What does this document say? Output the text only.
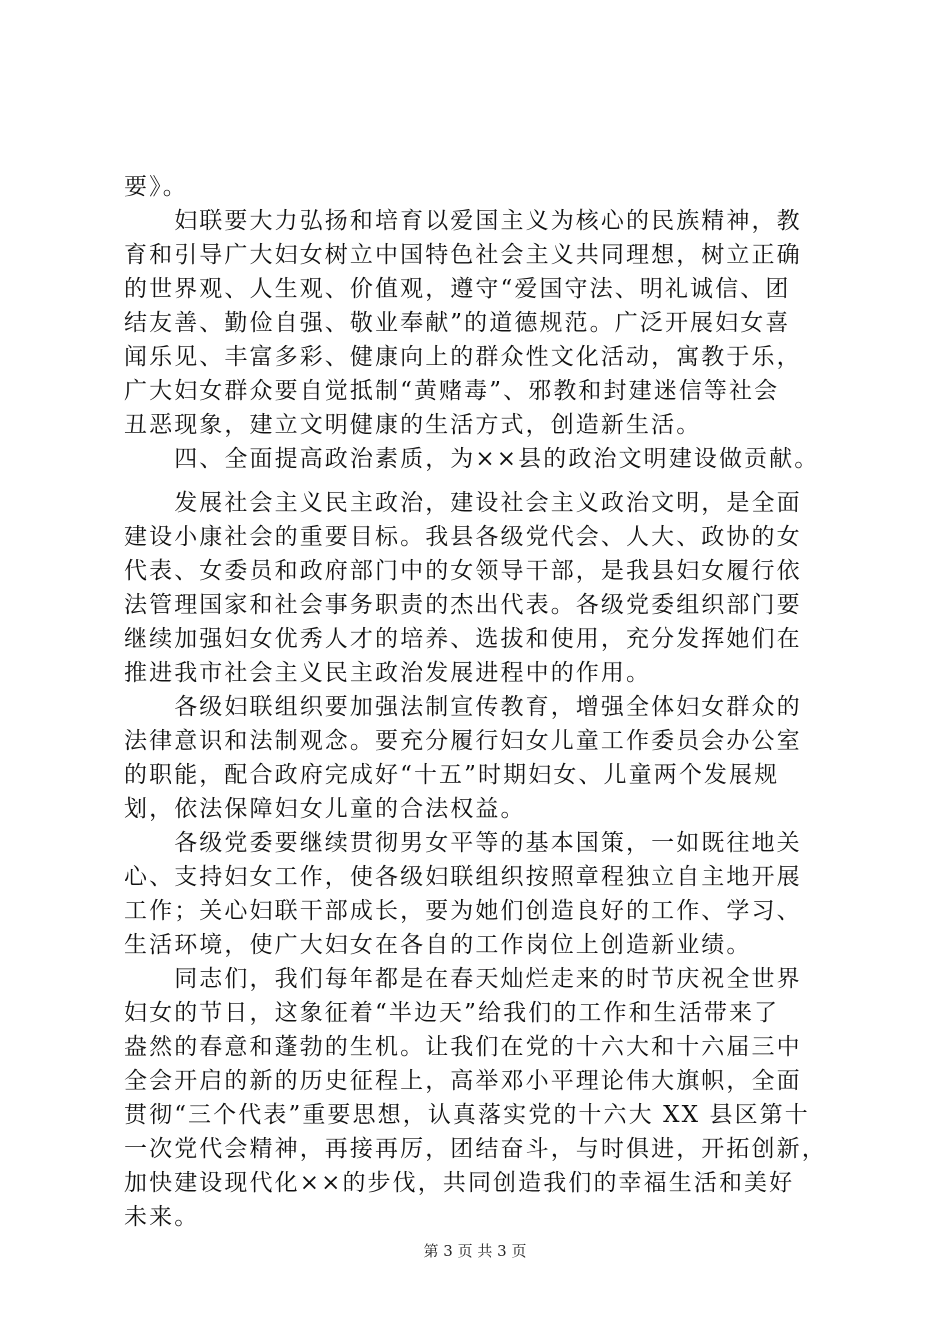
要》。
　　妇联要大力弘扬和培育以爱国主义为核心的民族精神，教
育和引导广大妇女树立中国特色社会主义共同理想，树立正确
的世界观、人生观、价值观，遵守“爱国守法、明礼诚信、团
结友善、勤俭自强、敬业奉献”的道德规范。广泛开展妇女喜
闻乐见、丰富多彩、健康向上的群众性文化活动，寓教于乐，
广大妇女群众要自觉抵制“黄赌毒”、邪教和封建迷信等社会
丑恶现象，建立文明健康的生活方式，创造新生活。
　　四、全面提高政治素质，为××县的政治文明建设做贡献。
　　发展社会主义民主政治，建设社会主义政治文明，是全面
建设小康社会的重要目标。我县各级党代会、人大、政协的女
代表、女委员和政府部门中的女领导干部，是我县妇女履行依
法管理国家和社会事务职责的杰出代表。各级党委组织部门要
继续加强妇女优秀人才的培养、选拔和使用，充分发挥她们在
推进我市社会主义民主政治发展进程中的作用。
　　各级妇联组织要加强法制宣传教育，增强全体妇女群众的
法律意识和法制观念。要充分履行妇女儿童工作委员会办公室
的职能，配合政府完成好“十五”时期妇女、儿童两个发展规
划，依法保障妇女儿童的合法权益。
　　各级党委要继续贯彻男女平等的基本国策，一如既往地关
心、支持妇女工作，使各级妇联组织按照章程独立自主地开展
工作；关心妇联干部成长，要为她们创造良好的工作、学习、
生活环境，使广大妇女在各自的工作岗位上创造新业绩。
　　同志们，我们每年都是在春天灿烂走来的时节庆祝全世界
妇女的节日，这象征着“半边天”给我们的工作和生活带来了
盎然的春意和蓬勃的生机。让我们在党的十六大和十六届三中
全会开启的新的历史征程上，高举邓小平理论伟大旗帜，全面
贯彻“三个代表”重要思想，认真落实党的十六大 XX 县区第十
一次党代会精神，再接再厉，团结奋斗，与时俱进，开拓创新，
加快建设现代化××的步伐，共同创造我们的幸福生活和美好
未来。
第 3 页 共 3 页
